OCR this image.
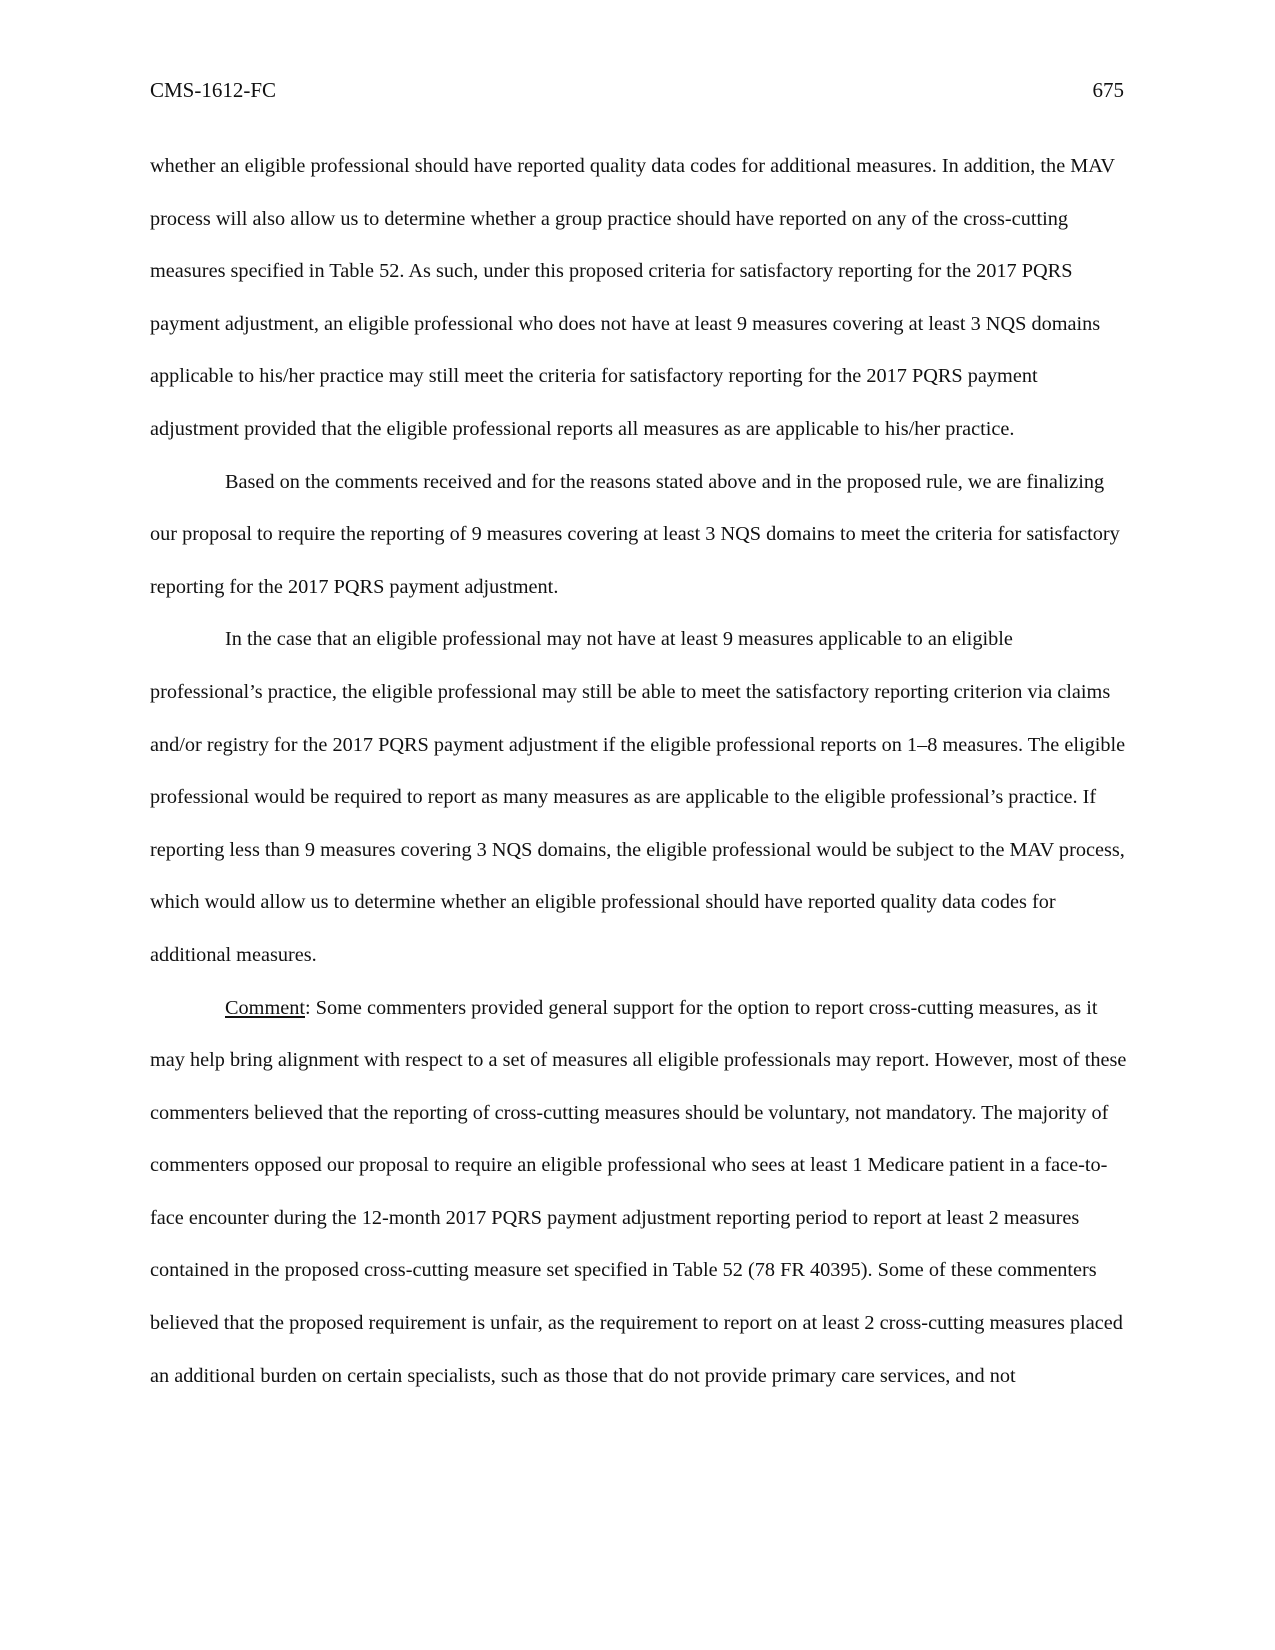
CMS-1612-FC	675

whether an eligible professional should have reported quality data codes for additional measures. In addition, the MAV process will also allow us to determine whether a group practice should have reported on any of the cross-cutting measures specified in Table 52. As such, under this proposed criteria for satisfactory reporting for the 2017 PQRS payment adjustment, an eligible professional who does not have at least 9 measures covering at least 3 NQS domains applicable to his/her practice may still meet the criteria for satisfactory reporting for the 2017 PQRS payment adjustment provided that the eligible professional reports all measures as are applicable to his/her practice.

Based on the comments received and for the reasons stated above and in the proposed rule, we are finalizing our proposal to require the reporting of 9 measures covering at least 3 NQS domains to meet the criteria for satisfactory reporting for the 2017 PQRS payment adjustment.

In the case that an eligible professional may not have at least 9 measures applicable to an eligible professional’s practice, the eligible professional may still be able to meet the satisfactory reporting criterion via claims and/or registry for the 2017 PQRS payment adjustment if the eligible professional reports on 1–8 measures. The eligible professional would be required to report as many measures as are applicable to the eligible professional’s practice. If reporting less than 9 measures covering 3 NQS domains, the eligible professional would be subject to the MAV process, which would allow us to determine whether an eligible professional should have reported quality data codes for additional measures.

Comment: Some commenters provided general support for the option to report cross-cutting measures, as it may help bring alignment with respect to a set of measures all eligible professionals may report. However, most of these commenters believed that the reporting of cross-cutting measures should be voluntary, not mandatory. The majority of commenters opposed our proposal to require an eligible professional who sees at least 1 Medicare patient in a face-to-face encounter during the 12-month 2017 PQRS payment adjustment reporting period to report at least 2 measures contained in the proposed cross-cutting measure set specified in Table 52 (78 FR 40395). Some of these commenters believed that the proposed requirement is unfair, as the requirement to report on at least 2 cross-cutting measures placed an additional burden on certain specialists, such as those that do not provide primary care services, and not
